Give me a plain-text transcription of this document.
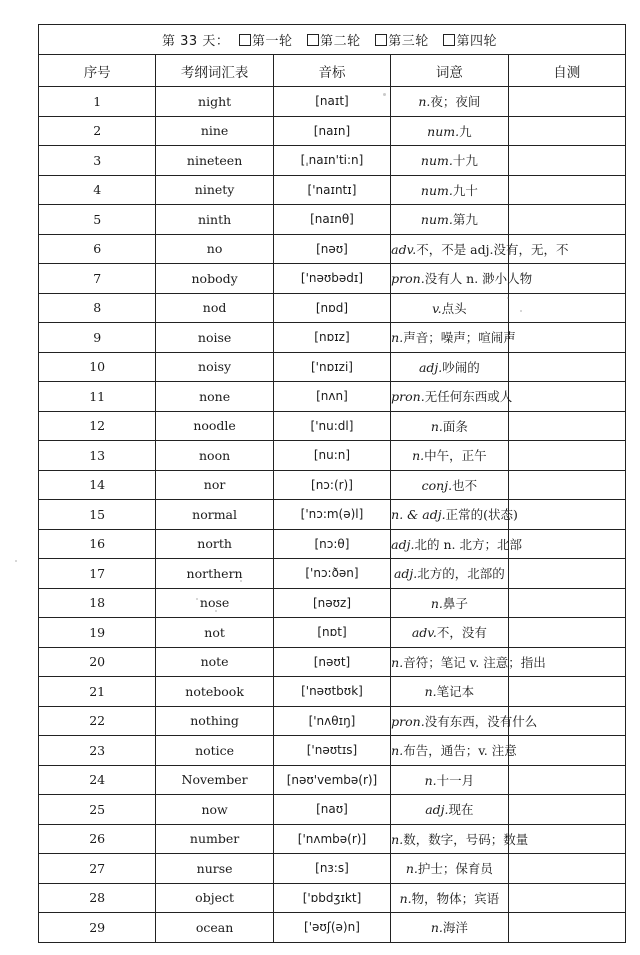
第 33 天： 第一轮 第二轮 第三轮 第四轮				
序号	考纲词汇表	音标	词意	自测
1	night	[naɪt]	n.夜；夜间	
2	nine	[naɪn]	num.九	
3	nineteen	[ˌnaɪn'ti:n]	num.十九	
4	ninety	['naɪntɪ]	num.九十	
5	ninth	[naɪnθ]	num.第九	
6	no	[nəʊ]	adv.不，不是 adj.没有，无，不	
7	nobody	['nəʊbədɪ]	pron.没有人 n. 渺小人物	
8	nod	[nɒd]	v.点头	
9	noise	[nɒɪz]	n.声音；噪声；喧闹声	
10	noisy	['nɒɪzi]	adj.吵闹的	
11	none	[nʌn]	pron.无任何东西或人	
12	noodle	['nu:dl]	n.面条	
13	noon	[nu:n]	n.中午，正午	
14	nor	[nɔ:(r)]	conj.也不	
15	normal	['nɔ:m(ə)l]	n. & adj.正常的(状态)	
16	north	[nɔ:θ]	adj.北的 n. 北方；北部	
17	northern	['nɔ:ðən]	adj.北方的，北部的	
18	nose	[nəʊz]	n.鼻子	
19	not	[nɒt]	adv.不，没有	
20	note	[nəʊt]	n.音符；笔记 v. 注意；指出	
21	notebook	['nəʊtbʊk]	n.笔记本	
22	nothing	['nʌθɪŋ]	pron.没有东西，没有什么	
23	notice	['nəʊtɪs]	n.布告，通告；v. 注意	
24	November	[nəʊ'vembə(r)]	n.十一月	
25	now	[naʊ]	adj.现在	
26	number	['nʌmbə(r)]	n.数，数字，号码；数量	
27	nurse	[nɜ:s]	n.护士；保育员	
28	object	['ɒbdʒɪkt]	n.物，物体；宾语	
29	ocean	['əʊʃ(ə)n]	n.海洋	
